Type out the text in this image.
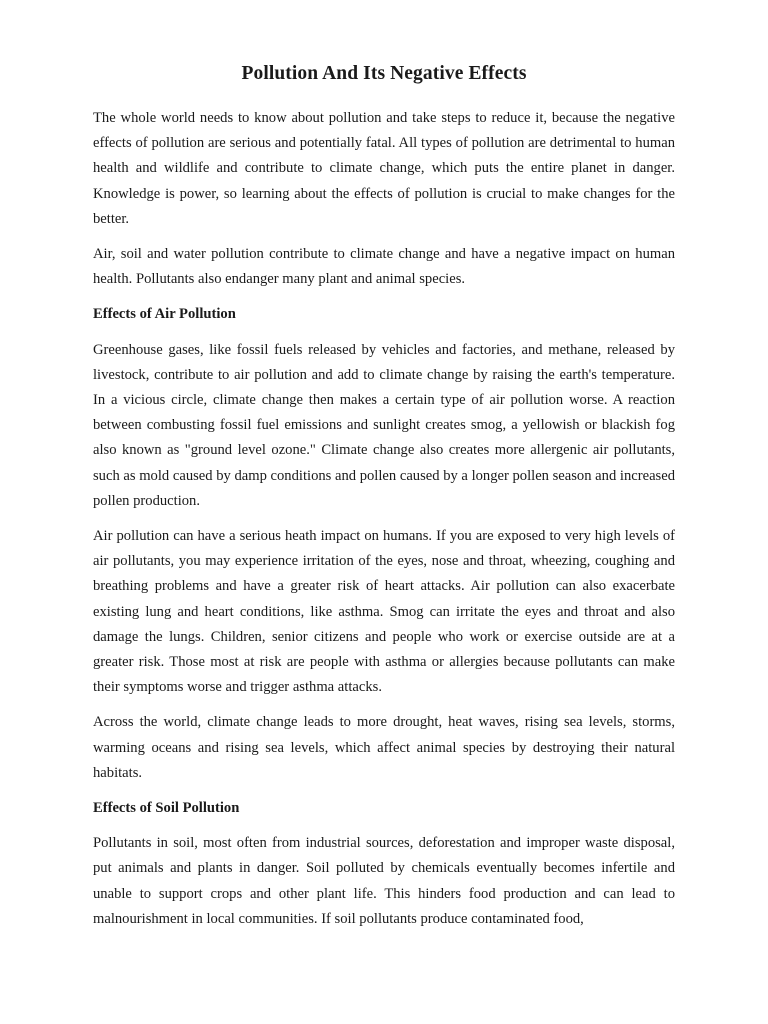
Pollution And Its Negative Effects

The whole world needs to know about pollution and take steps to reduce it, because the negative effects of pollution are serious and potentially fatal. All types of pollution are detrimental to human health and wildlife and contribute to climate change, which puts the entire planet in danger. Knowledge is power, so learning about the effects of pollution is crucial to make changes for the better.

Air, soil and water pollution contribute to climate change and have a negative impact on human health. Pollutants also endanger many plant and animal species.

Effects of Air Pollution

Greenhouse gases, like fossil fuels released by vehicles and factories, and methane, released by livestock, contribute to air pollution and add to climate change by raising the earth's temperature. In a vicious circle, climate change then makes a certain type of air pollution worse. A reaction between combusting fossil fuel emissions and sunlight creates smog, a yellowish or blackish fog also known as "ground level ozone." Climate change also creates more allergenic air pollutants, such as mold caused by damp conditions and pollen caused by a longer pollen season and increased pollen production.

Air pollution can have a serious heath impact on humans. If you are exposed to very high levels of air pollutants, you may experience irritation of the eyes, nose and throat, wheezing, coughing and breathing problems and have a greater risk of heart attacks. Air pollution can also exacerbate existing lung and heart conditions, like asthma. Smog can irritate the eyes and throat and also damage the lungs. Children, senior citizens and people who work or exercise outside are at a greater risk. Those most at risk are people with asthma or allergies because pollutants can make their symptoms worse and trigger asthma attacks.

Across the world, climate change leads to more drought, heat waves, rising sea levels, storms, warming oceans and rising sea levels, which affect animal species by destroying their natural habitats.

Effects of Soil Pollution

Pollutants in soil, most often from industrial sources, deforestation and improper waste disposal, put animals and plants in danger. Soil polluted by chemicals eventually becomes infertile and unable to support crops and other plant life. This hinders food production and can lead to malnourishment in local communities. If soil pollutants produce contaminated food,
